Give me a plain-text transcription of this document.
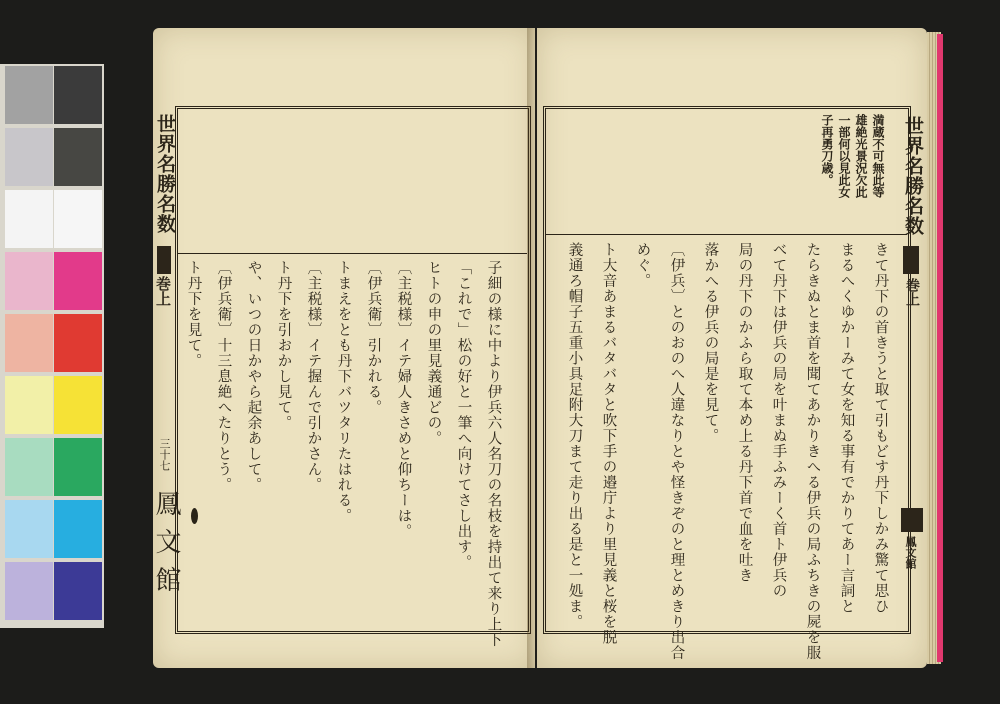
世界名勝名数
巻上
三十七
鳳文館	子細の様に中より伊兵六人名刀の名枝を持出て来り上下
「これで」松の好と一筆へ向けてさし出す。
ヒトの申の里見義通どの。
〔主税様〕イテ婦人きさめと仰ちーは。
〔伊兵衛〕引かれる。
トまえをとも丹下バツタリたはれる。
〔主税様〕イテ握んで引かさん。
ト丹下を引おかし見て。
や、いつの日かやら起余あして。
〔伊兵衛〕十三息絶へたりとう。
ト丹下を見て。
世界名勝名数
巻上
鳳文館
満蔵不可無此等
雄絶光景況欠此
一部何以見此女
子再勇刀歳。
きて丹下の首きうと取て引もどす丹下しかみ驚て思ひ
まるへくゆかーみて女を知る事有でかりてあー言詞と
たらきぬとま首を聞てあかりきへる伊兵の局ふちきの屍を服
べて丹下は伊兵の局を叶まぬ手ふみーく首ト伊兵の
局の丹下のかふら取て本め上る丹下首で血を吐き
落かへる伊兵の局是を見て。
〔伊兵〕とのおのへ人違なりとや怪きぞのと理とめきり出合
めぐ。
ト大音あまるバタバタと吹下手の邉庁より里見義と桜を脱
義通ろ帽子五重小具足附大刀まて走り出る是と一処ま。
